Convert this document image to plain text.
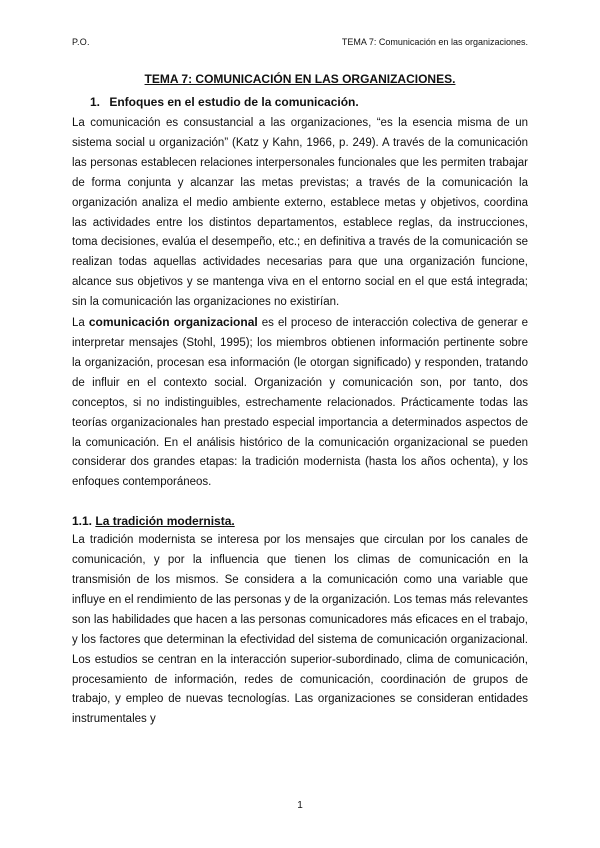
P.O.	TEMA 7: Comunicación en las organizaciones.
TEMA 7: COMUNICACIÓN EN LAS ORGANIZACIONES.
1. Enfoques en el estudio de la comunicación.

La comunicación es consustancial a las organizaciones, “es la esencia misma de un sistema social u organización” (Katz y Kahn, 1966, p. 249). A través de la comunicación las personas establecen relaciones interpersonales funcionales que les permiten trabajar de forma conjunta y alcanzar las metas previstas; a través de la comunicación la organización analiza el medio ambiente externo, establece metas y objetivos, coordina las actividades entre los distintos departamentos, establece reglas, da instrucciones, toma decisiones, evalúa el desempeño, etc.; en definitiva a través de la comunicación se realizan todas aquellas actividades necesarias para que una organización funcione, alcance sus objetivos y se mantenga viva en el entorno social en el que está integrada; sin la comunicación las organizaciones no existirían.

La comunicación organizacional es el proceso de interacción colectiva de generar e interpretar mensajes (Stohl, 1995); los miembros obtienen información pertinente sobre la organización, procesan esa información (le otorgan significado) y responden, tratando de influir en el contexto social. Organización y comunicación son, por tanto, dos conceptos, si no indistinguibles, estrechamente relacionados. Prácticamente todas las teorías organizacionales han prestado especial importancia a determinados aspectos de la comunicación. En el análisis histórico de la comunicación organizacional se pueden considerar dos grandes etapas: la tradición modernista (hasta los años ochenta), y los enfoques contemporáneos.

1.1. La tradición modernista.

La tradición modernista se interesa por los mensajes que circulan por los canales de comunicación, y por la influencia que tienen los climas de comunicación en la transmisión de los mismos. Se considera a la comunicación como una variable que influye en el rendimiento de las personas y de la organización. Los temas más relevantes son las habilidades que hacen a las personas comunicadores más eficaces en el trabajo, y los factores que determinan la efectividad del sistema de comunicación organizacional. Los estudios se centran en la interacción superior-subordinado, clima de comunicación, procesamiento de información, redes de comunicación, coordinación de grupos de trabajo, y empleo de nuevas tecnologías. Las organizaciones se consideran entidades instrumentales y

1
